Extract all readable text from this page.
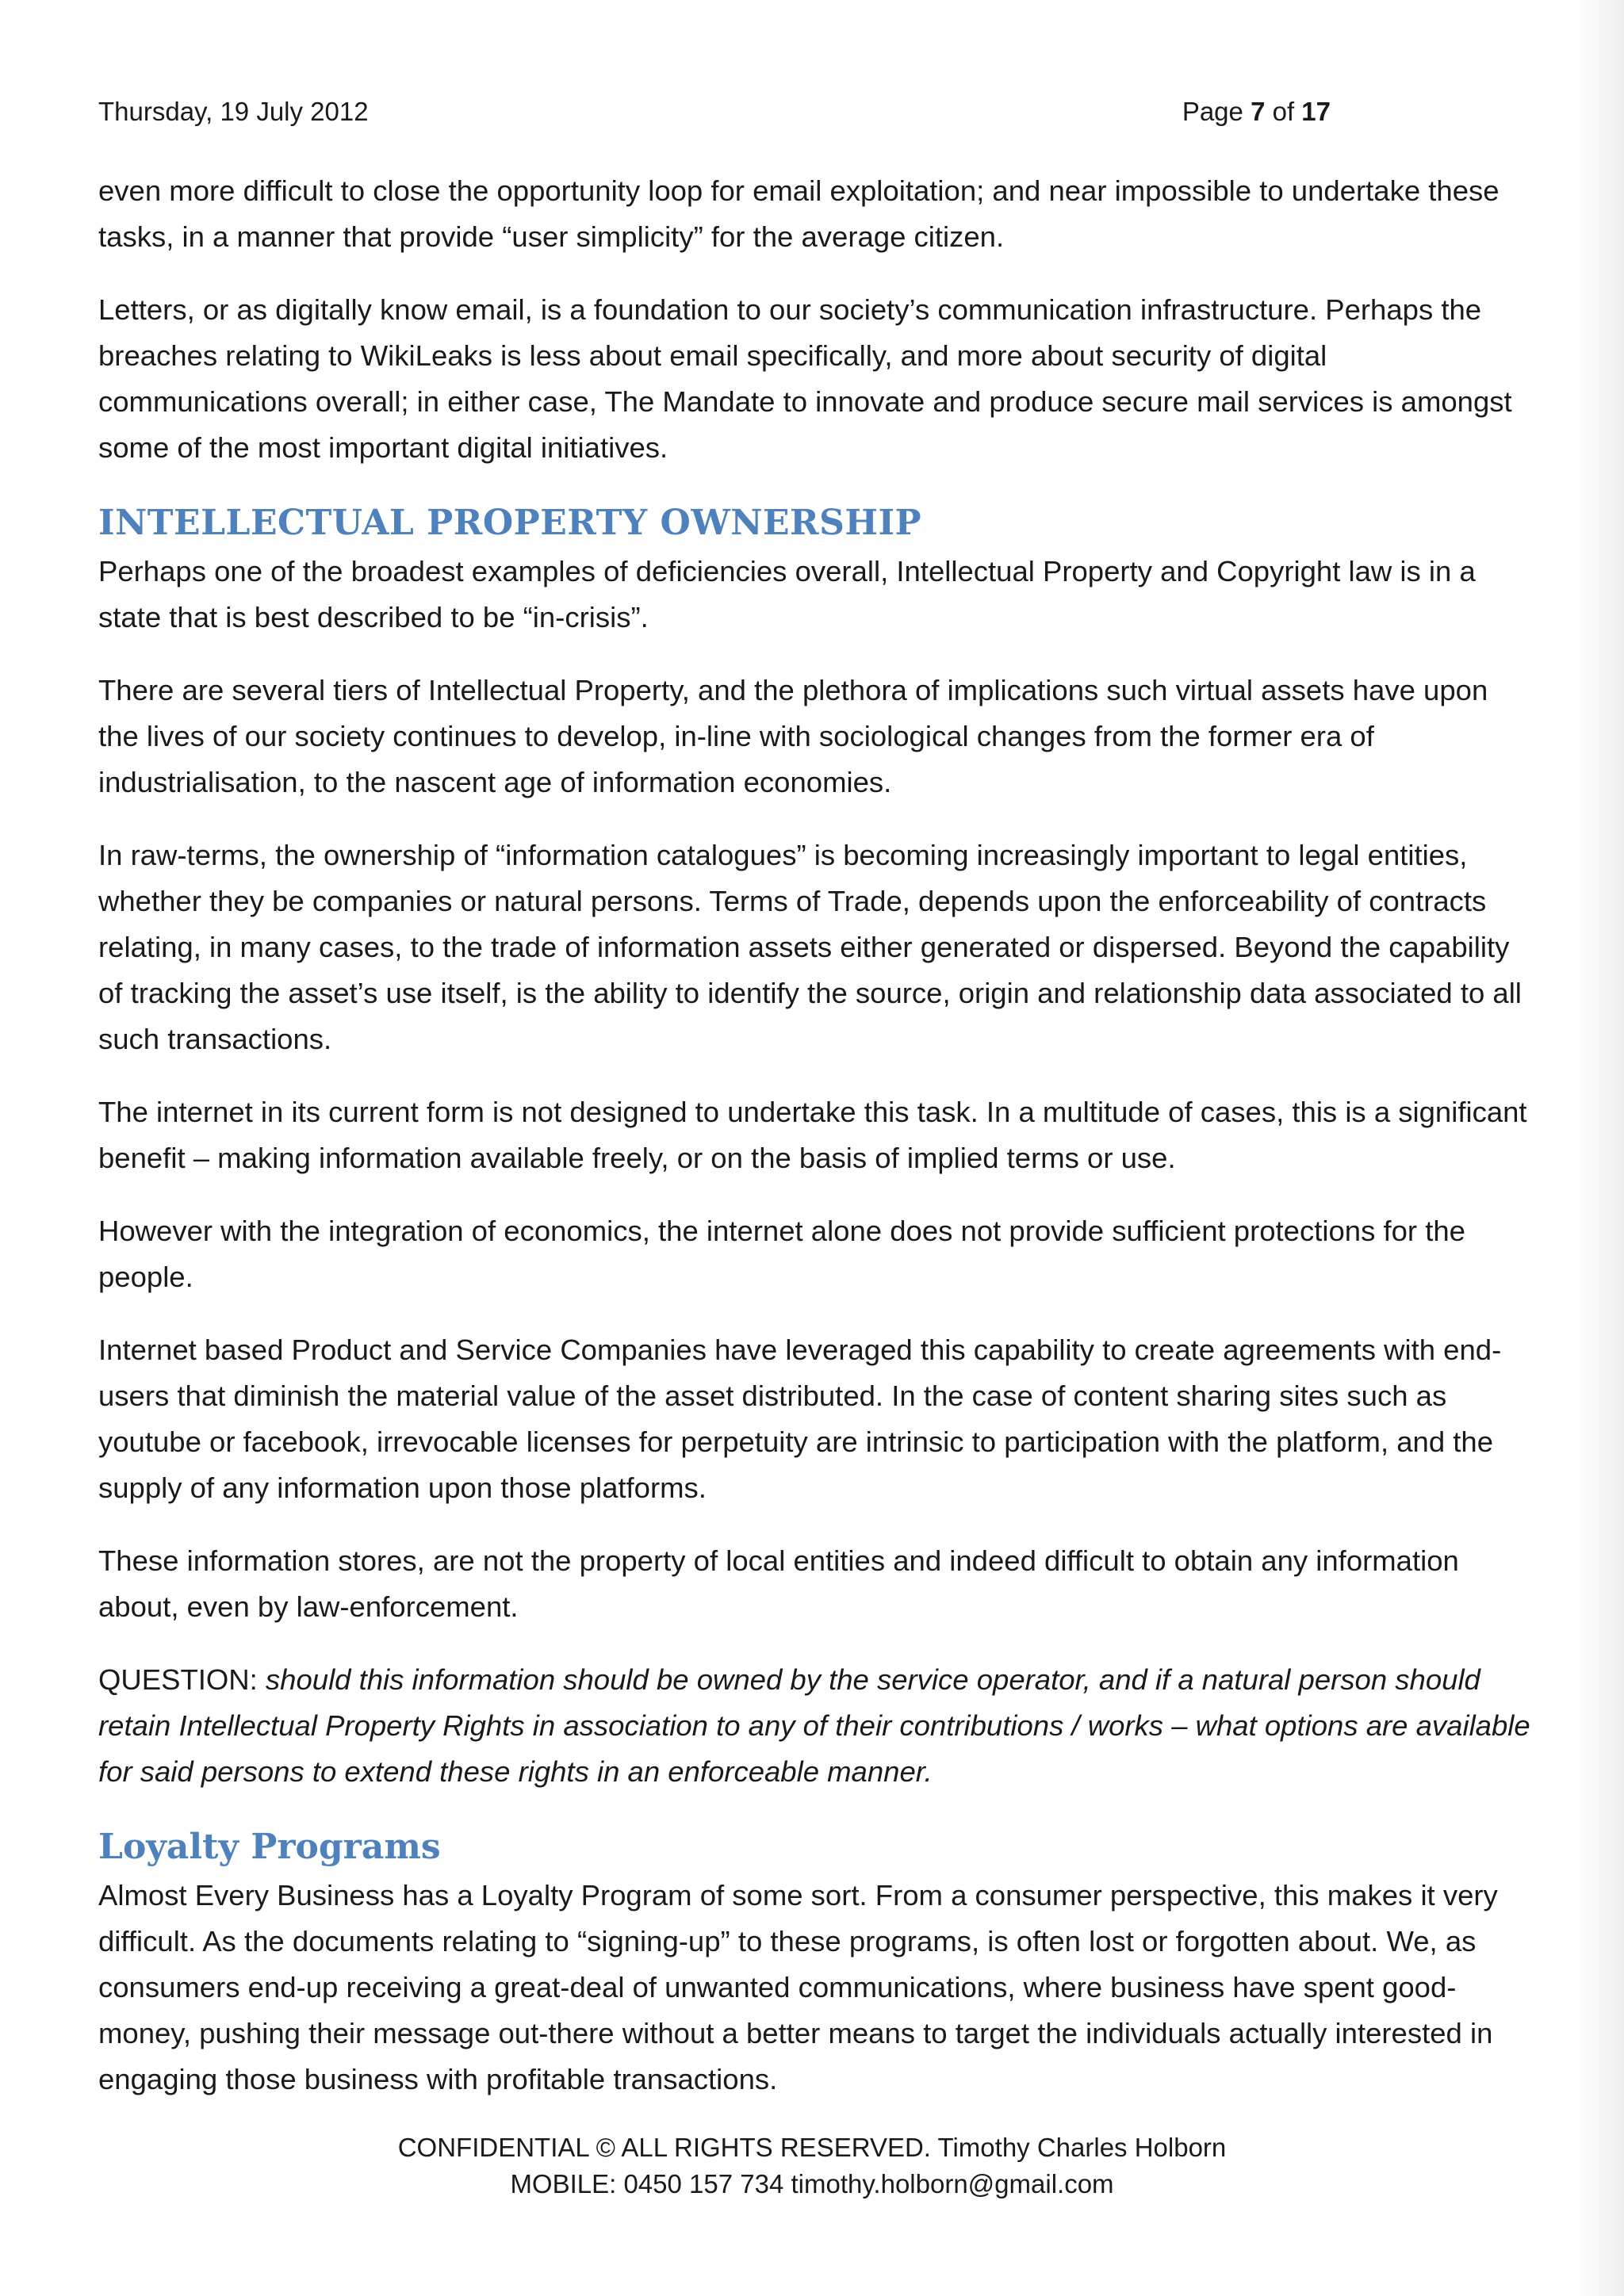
Thursday, 19 July 2012	Page 7 of 17

even more difficult to close the opportunity loop for email exploitation; and near impossible to undertake these tasks, in a manner that provide “user simplicity” for the average citizen.

Letters, or as digitally know email, is a foundation to our society’s communication infrastructure. Perhaps the breaches relating to WikiLeaks is less about email specifically, and more about security of digital communications overall; in either case, The Mandate to innovate and produce secure mail services is amongst some of the most important digital initiatives.

INTELLECTUAL PROPERTY OWNERSHIP

Perhaps one of the broadest examples of deficiencies overall, Intellectual Property and Copyright law is in a state that is best described to be “in-crisis”.

There are several tiers of Intellectual Property, and the plethora of implications such virtual assets have upon the lives of our society continues to develop, in-line with sociological changes from the former era of industrialisation, to the nascent age of information economies.

In raw-terms, the ownership of “information catalogues” is becoming increasingly important to legal entities, whether they be companies or natural persons. Terms of Trade, depends upon the enforceability of contracts relating, in many cases, to the trade of information assets either generated or dispersed. Beyond the capability of tracking the asset’s use itself, is the ability to identify the source, origin and relationship data associated to all such transactions.

The internet in its current form is not designed to undertake this task. In a multitude of cases, this is a significant benefit – making information available freely, or on the basis of implied terms or use.

However with the integration of economics, the internet alone does not provide sufficient protections for the people.

Internet based Product and Service Companies have leveraged this capability to create agreements with end-users that diminish the material value of the asset distributed. In the case of content sharing sites such as youtube or facebook, irrevocable licenses for perpetuity are intrinsic to participation with the platform, and the supply of any information upon those platforms.

These information stores, are not the property of local entities and indeed difficult to obtain any information about, even by law-enforcement.

QUESTION: should this information should be owned by the service operator, and if a natural person should retain Intellectual Property Rights in association to any of their contributions / works – what options are available for said persons to extend these rights in an enforceable manner.

Loyalty Programs

Almost Every Business has a Loyalty Program of some sort. From a consumer perspective, this makes it very difficult. As the documents relating to “signing-up” to these programs, is often lost or forgotten about. We, as consumers end-up receiving a great-deal of unwanted communications, where business have spent good-money, pushing their message out-there without a better means to target the individuals actually interested in engaging those business with profitable transactions.

CONFIDENTIAL © ALL RIGHTS RESERVED. Timothy Charles Holborn
MOBILE: 0450 157 734 timothy.holborn@gmail.com
